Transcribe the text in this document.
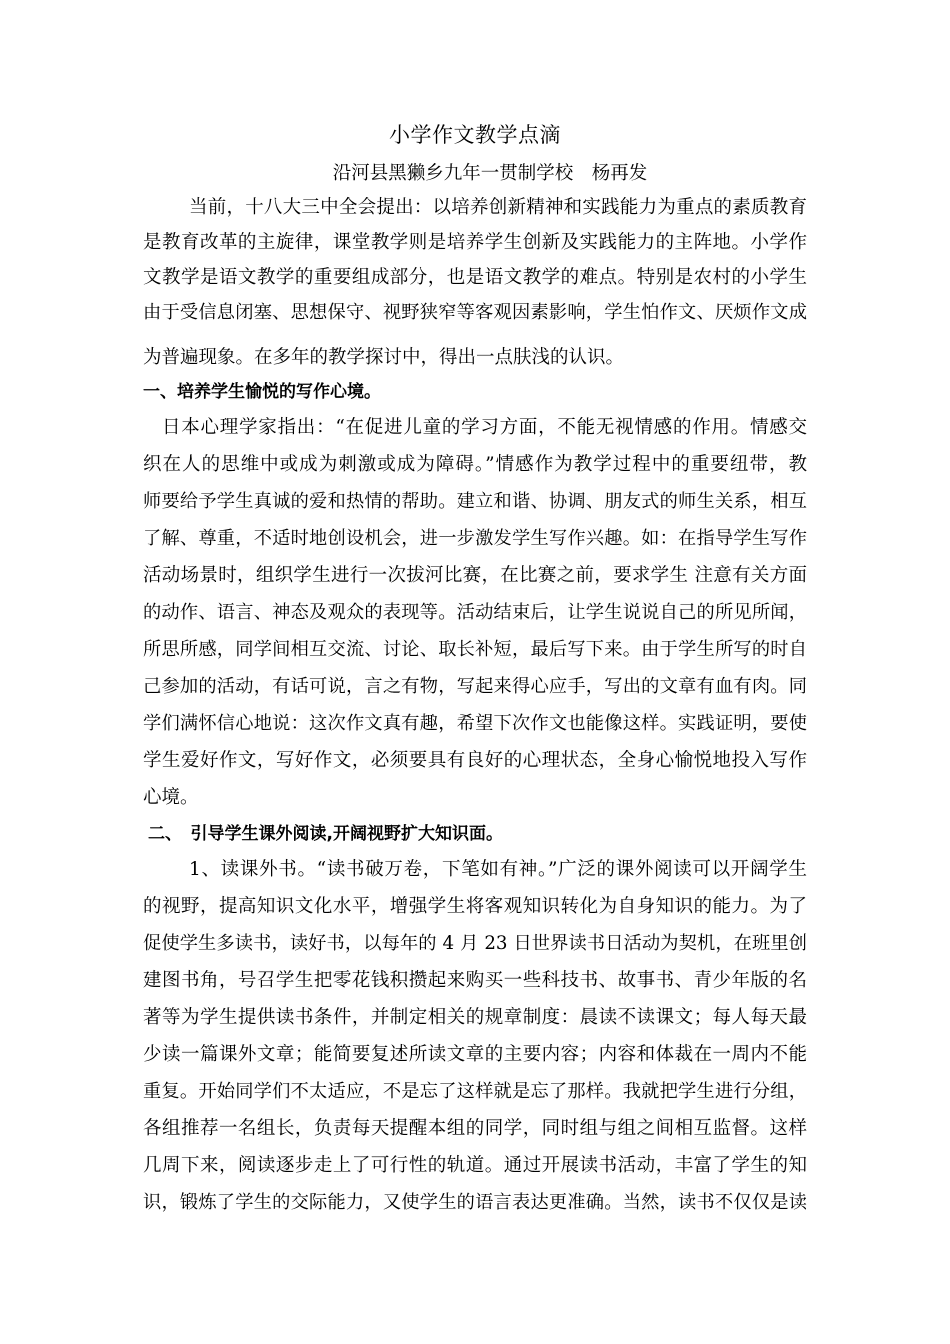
小学作文教学点滴
沿河县黑獭乡九年一贯制学校　杨再发
当前，十八大三中全会提出：以培养创新精神和实践能力为重点的素质教育
是教育改革的主旋律，课堂教学则是培养学生创新及实践能力的主阵地。小学作
文教学是语文教学的重要组成部分，也是语文教学的难点。特别是农村的小学生
由于受信息闭塞、思想保守、视野狭窄等客观因素影响，学生怕作文、厌烦作文成
为普遍现象。在多年的教学探讨中，得出一点肤浅的认识。
一、培养学生愉悦的写作心境。
日本心理学家指出：“在促进儿童的学习方面，不能无视情感的作用。情感交
织在人的思维中或成为刺激或成为障碍。”情感作为教学过程中的重要纽带，教
师要给予学生真诚的爱和热情的帮助。建立和谐、协调、朋友式的师生关系，相互
了解、尊重，不适时地创设机会，进一步激发学生写作兴趣。如：在指导学生写作
活动场景时，组织学生进行一次拔河比赛，在比赛之前，要求学生 注意有关方面
的动作、语言、神态及观众的表现等。活动结束后，让学生说说自己的所见所闻，
所思所感，同学间相互交流、讨论、取长补短，最后写下来。由于学生所写的时自
己参加的活动，有话可说，言之有物，写起来得心应手，写出的文章有血有肉。同
学们满怀信心地说：这次作文真有趣，希望下次作文也能像这样。实践证明，要使
学生爱好作文，写好作文，必须要具有良好的心理状态，全身心愉悦地投入写作
心境。
二、　引导学生课外阅读,开阔视野扩大知识面。
1、读课外书。“读书破万卷，下笔如有神。”广泛的课外阅读可以开阔学生
的视野，提高知识文化水平，增强学生将客观知识转化为自身知识的能力。为了
促使学生多读书，读好书，以每年的 4 月 23 日世界读书日活动为契机，在班里创
建图书角，号召学生把零花钱积攒起来购买一些科技书、故事书、青少年版的名
著等为学生提供读书条件，并制定相关的规章制度：晨读不读课文；每人每天最
少读一篇课外文章；能简要复述所读文章的主要内容；内容和体裁在一周内不能
重复。开始同学们不太适应，不是忘了这样就是忘了那样。我就把学生进行分组，
各组推荐一名组长，负责每天提醒本组的同学，同时组与组之间相互监督。这样
几周下来，阅读逐步走上了可行性的轨道。通过开展读书活动，丰富了学生的知
识，锻炼了学生的交际能力，又使学生的语言表达更准确。当然，读书不仅仅是读
